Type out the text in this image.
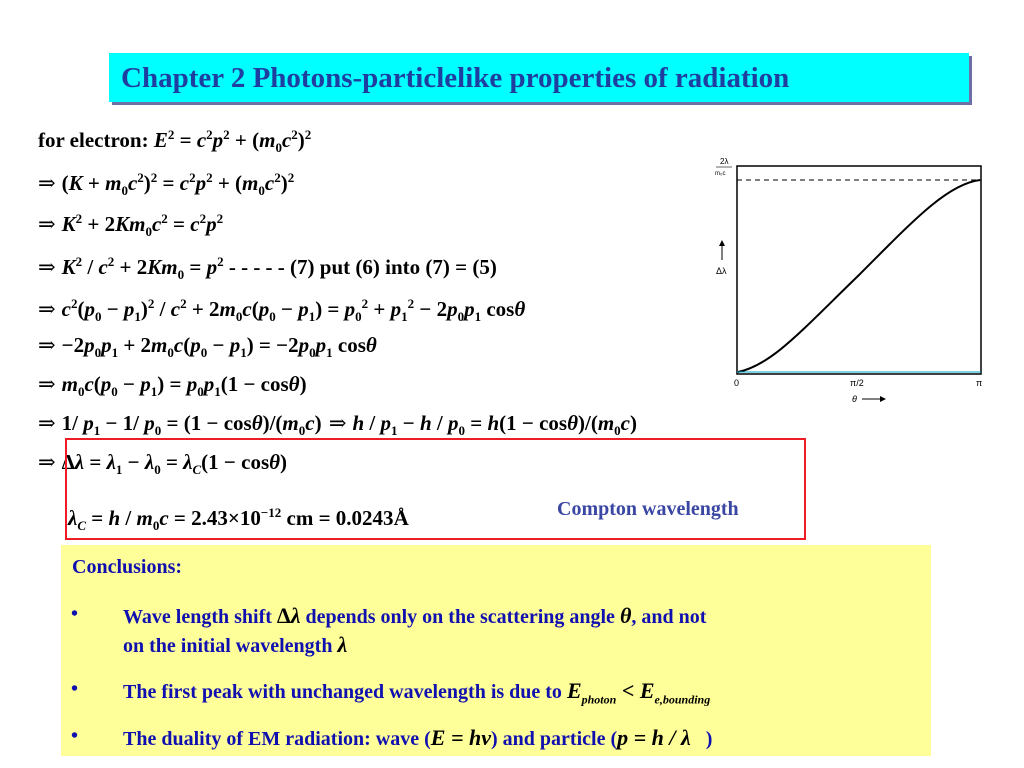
Chapter 2 Photons-particlelike properties of radiation
for electron: $E^2 = c^2p^2 + (m_0c^2)^2$
⇒ $(K + m_0c^2)^2 = c^2p^2 + (m_0c^2)^2$
⇒ $K^2 + 2Km_0c^2 = c^2p^2$
⇒ $K^2 / c^2 + 2Km_0 = p^2$ - - - - - (7) put (6) into (7) = (5)
⇒ $c^2(p_0 - p_1)^2 / c^2 + 2m_0c(p_0 - p_1) = p_0^2 + p_1^2 - 2p_0p_1$ cosθ
⇒ $-2p_0p_1 + 2m_0c(p_0 - p_1) = -2p_0p_1$ cosθ
⇒ $m_0c(p_0 - p_1) = p_0p_1(1 - \cos\theta)$
⇒ 1/ $p_1 - 1/$ $p_0 = (1 - \cos\theta)/(m_0c)$ ⇒ $h / p_1 - h / p_0 = h(1 - \cos\theta)/(m_0c)$
⇒ $\Delta\lambda = \lambda_1 - \lambda_0 = \lambda_C(1 - \cos\theta)$
$\lambda_C = h / m_0c = 2.43\times 10^{-12}$ cm = 0.0243Å	Compton wavelength
2λ
m₀c
Δλ
0	π/2	π
θ
Conclusions:
• Wave length shift Δλ depends only on the scattering angle θ, and not
on the initial wavelength λ
• The first peak with unchanged wavelength is due to $E_{photon} < E_{e,bounding}$
• The duality of EM radiation: wave (E = hν) and particle (p = h / λ )
